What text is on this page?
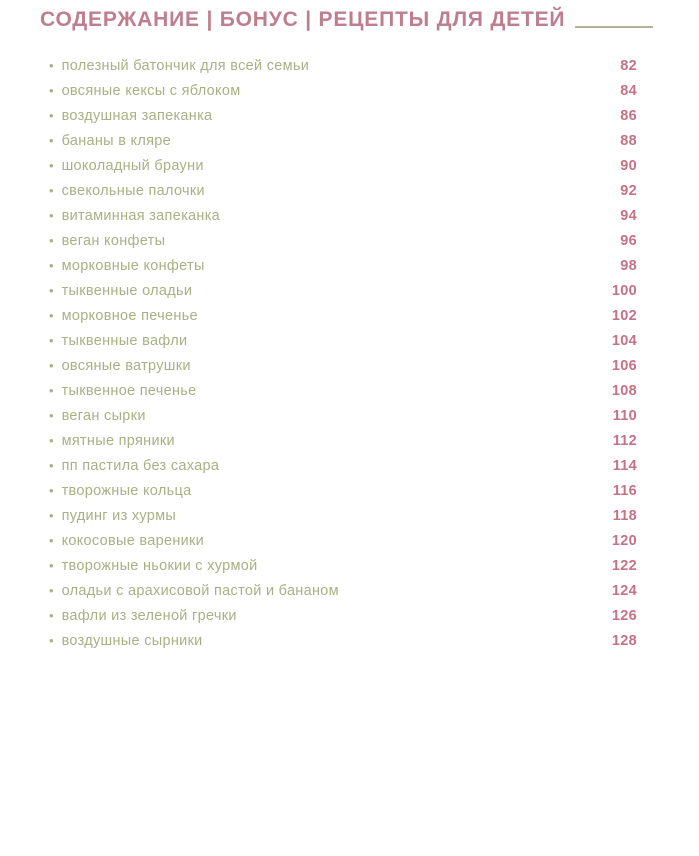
СОДЕРЖАНИЕ | БОНУС | РЕЦЕПТЫ ДЛЯ ДЕТЕЙ
• полезный батончик для всей семьи	82
• овсяные кексы с яблоком	84
• воздушная запеканка	86
• бананы в кляре	88
• шоколадный брауни	90
• свекольные палочки	92
• витаминная запеканка	94
• веган конфеты	96
• морковные конфеты	98
• тыквенные оладьи	100
• морковное печенье	102
• тыквенные вафли	104
• овсяные ватрушки	106
• тыквенное печенье	108
• веган сырки	110
• мятные пряники	112
• пп пастила без сахара	114
• творожные кольца	116
• пудинг из хурмы	118
• кокосовые вареники	120
• творожные ньокии с хурмой	122
• оладьи с арахисовой пастой и бананом	124
• вафли из зеленой гречки	126
• воздушные сырники	128
